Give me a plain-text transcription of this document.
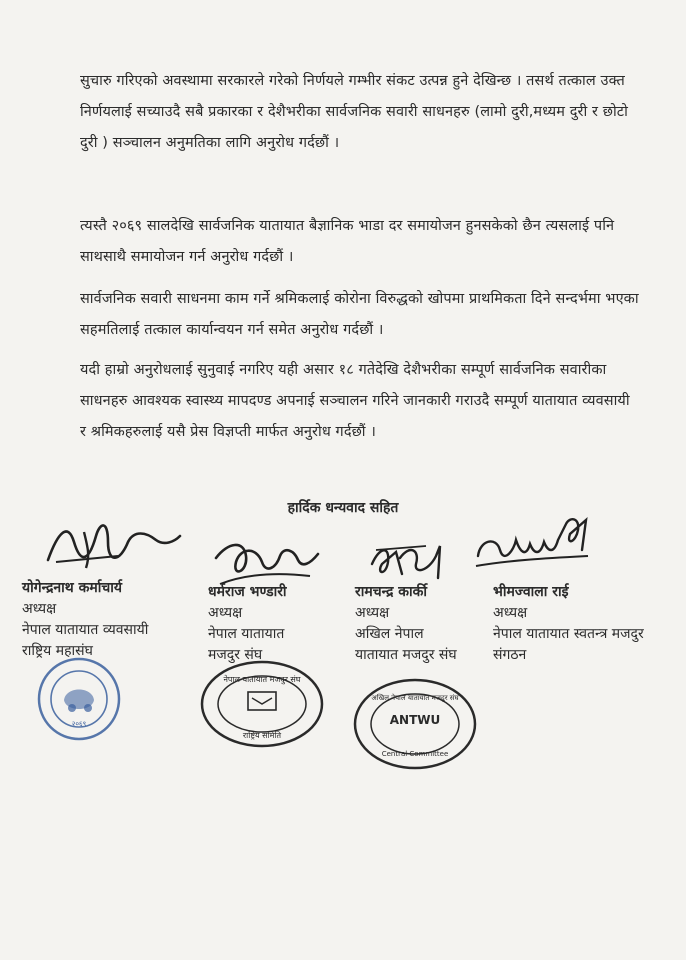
सुचारु गरिएको अवस्थामा सरकारले गरेको निर्णयले गम्भीर संकट उत्पन्न हुने देखिन्छ । तसर्थ तत्काल उक्त निर्णयलाई सच्याउदै सबै प्रकारका र देशैभरीका सार्वजनिक सवारी साधनहरु (लामो दुरी,मध्यम दुरी र छोटो दुरी ) सञ्चालन अनुमतिका लागि अनुरोध गर्दछौं ।
त्यस्तै २०६९ सालदेखि सार्वजनिक यातायात बैज्ञानिक भाडा दर समायोजन हुनसकेको छैन त्यसलाई पनि साथसाथै समायोजन गर्न अनुरोध गर्दछौं ।
सार्वजनिक सवारी साधनमा काम गर्ने श्रमिकलाई कोरोना विरुद्धको खोपमा प्राथमिकता दिने सन्दर्भमा भएका सहमतिलाई तत्काल कार्यान्वयन गर्न समेत अनुरोध गर्दछौं ।
यदी हाम्रो अनुरोधलाई सुनुवाई नगरिए यही असार १८ गतेदेखि देशैभरीका सम्पूर्ण सार्वजनिक सवारीका साधनहरु आवश्यक स्वास्थ्य मापदण्ड अपनाई सञ्चालन गरिने जानकारी गराउदै सम्पूर्ण यातायात व्यवसायी र श्रमिकहरुलाई यसै प्रेस विज्ञप्ती मार्फत अनुरोध गर्दछौं ।
हार्दिक धन्यवाद सहित
योगेन्द्रनाथ कर्माचार्य
अध्यक्ष
नेपाल यातायात व्यवसायी
राष्ट्रिय महासंघ
धर्मराज भण्डारी
अध्यक्ष
नेपाल यातायात
मजदुर संघ
रामचन्द्र कार्की
अध्यक्ष
अखिल नेपाल
यातायात मजदुर संघ
भीमज्वाला राई
अध्यक्ष
नेपाल यातायात स्वतन्त्र मजदुर
संगठन
२०६९
नेपाल यातायात मजदुर संघ
राष्ट्रिय समिति
ANTWU
अखिल नेपाल यातायात मजदुर संघ
Central Committee
